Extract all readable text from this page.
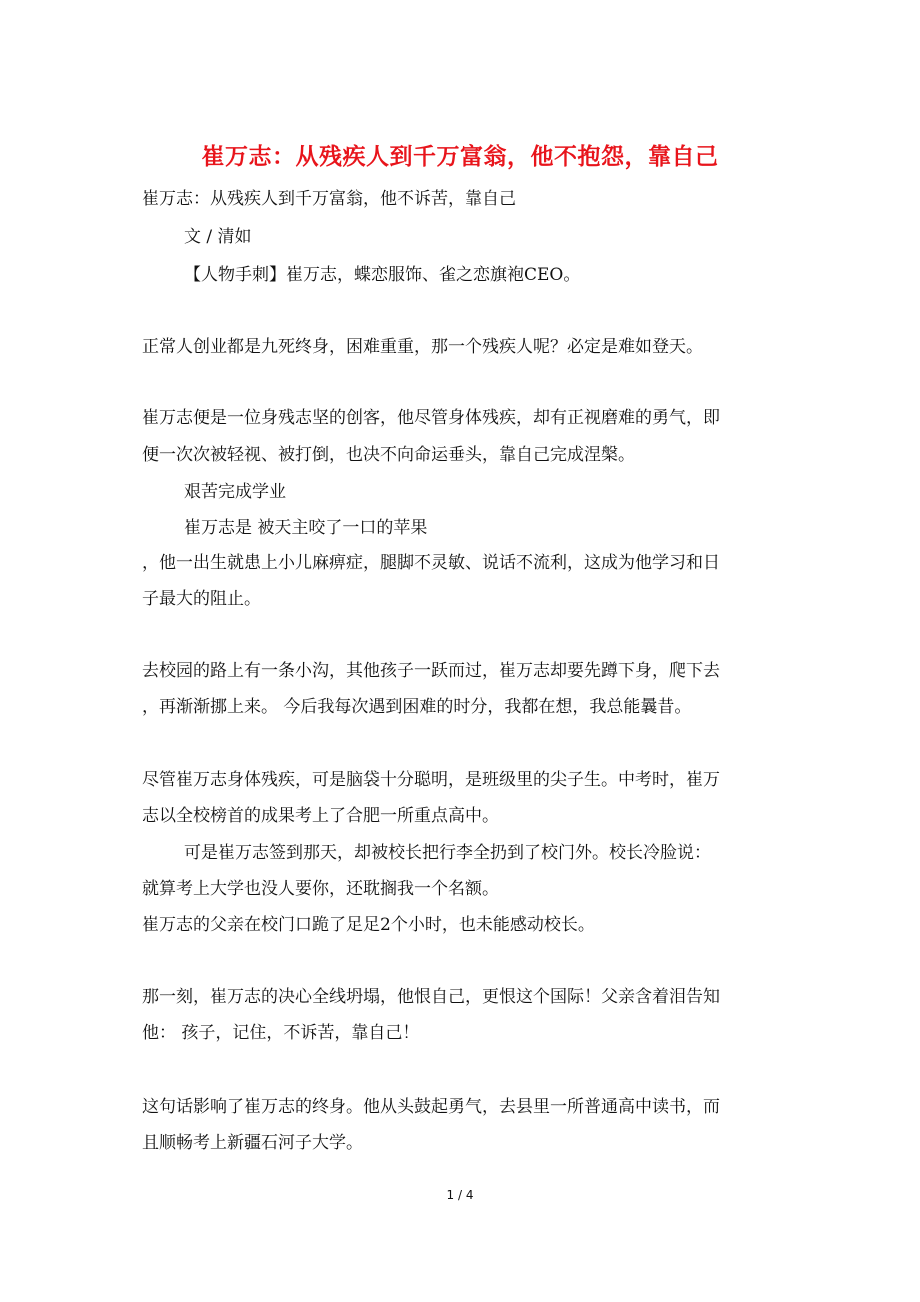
崔万志：从残疾人到千万富翁，他不抱怨，靠自己
崔万志：从残疾人到千万富翁，他不诉苦，靠自己
文 / 清如
【人物手刺】崔万志，蝶恋服饰、雀之恋旗袍CEO。
正常人创业都是九死终身，困难重重，那一个残疾人呢？必定是难如登天。
崔万志便是一位身残志坚的创客，他尽管身体残疾，却有正视磨难的勇气，即
便一次次被轻视、被打倒，也决不向命运垂头，靠自己完成涅槃。
艰苦完成学业
崔万志是 被天主咬了一口的苹果
，他一出生就患上小儿麻痹症，腿脚不灵敏、说话不流利，这成为他学习和日
子最大的阻止。
去校园的路上有一条小沟，其他孩子一跃而过，崔万志却要先蹲下身，爬下去
，再渐渐挪上来。 今后我每次遇到困难的时分，我都在想，我总能曩昔。
尽管崔万志身体残疾，可是脑袋十分聪明，是班级里的尖子生。中考时，崔万
志以全校榜首的成果考上了合肥一所重点高中。
可是崔万志签到那天，却被校长把行李全扔到了校门外。校长冷脸说：
就算考上大学也没人要你，还耽搁我一个名额。
崔万志的父亲在校门口跪了足足2个小时，也未能感动校长。
那一刻，崔万志的决心全线坍塌，他恨自己，更恨这个国际！父亲含着泪告知
他： 孩子，记住，不诉苦，靠自己！
这句话影响了崔万志的终身。他从头鼓起勇气，去县里一所普通高中读书，而
且顺畅考上新疆石河子大学。
1 / 4
